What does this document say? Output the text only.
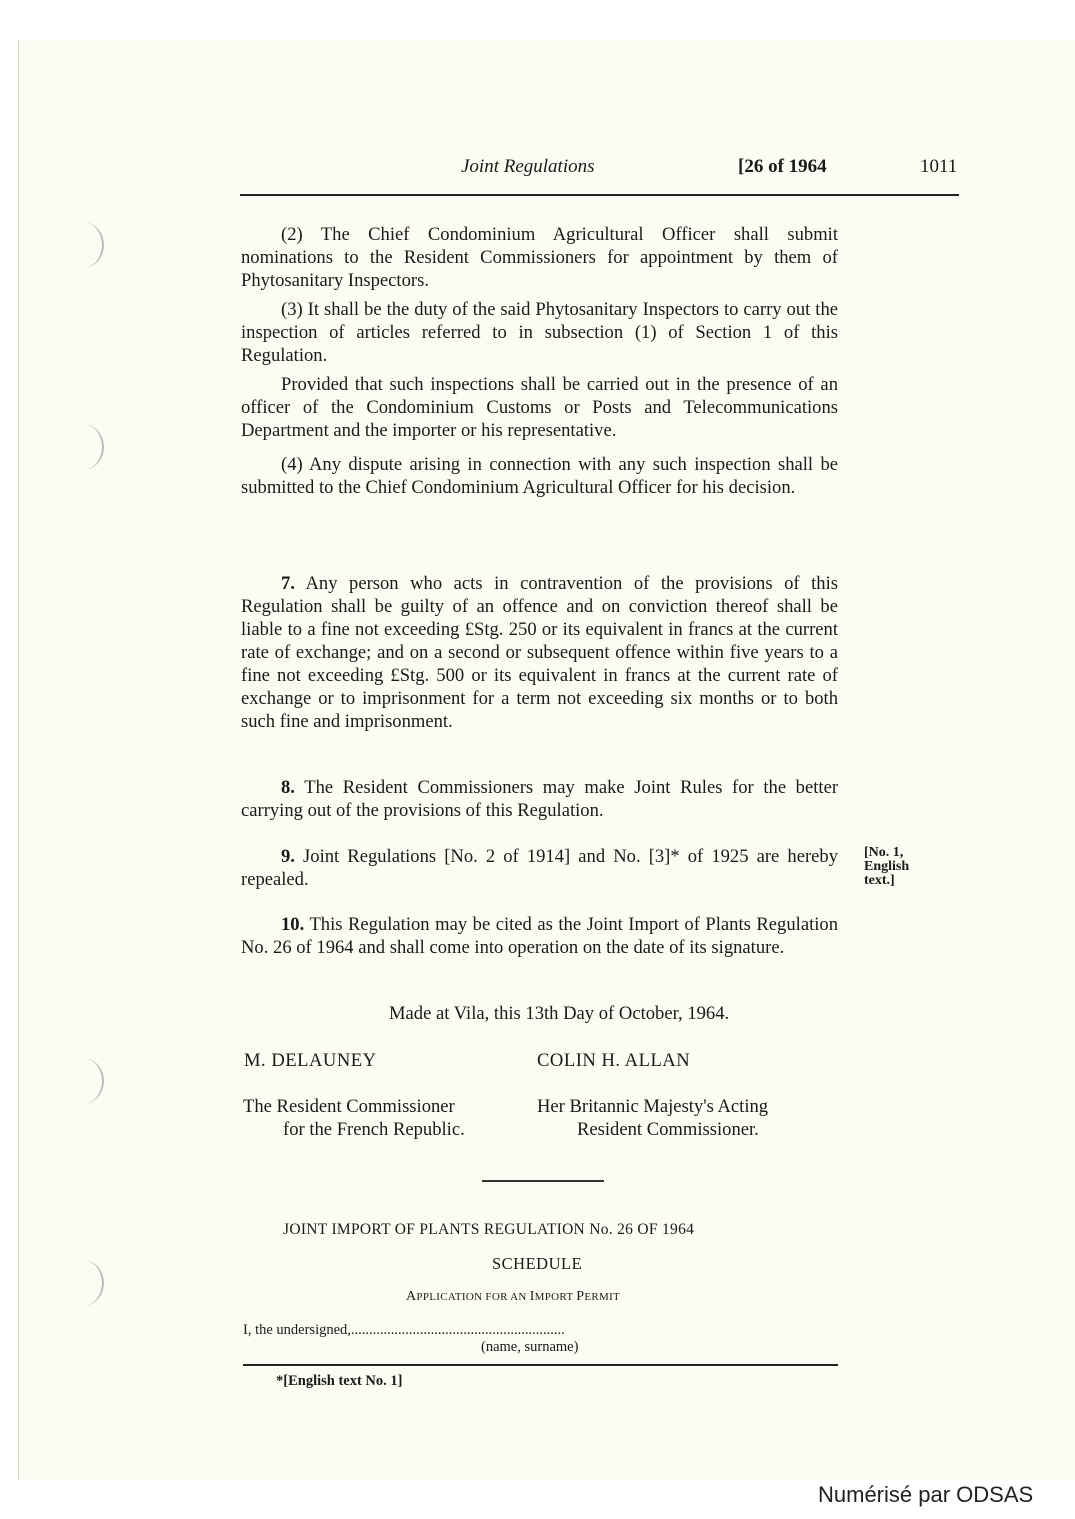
Joint Regulations	[26 of 1964	1011

(2) The Chief Condominium Agricultural Officer shall submit nominations to the Resident Commissioners for appointment by them of Phytosanitary Inspectors.

(3) It shall be the duty of the said Phytosanitary Inspectors to carry out the inspection of articles referred to in subsection (1) of Section 1 of this Regulation.

Provided that such inspections shall be carried out in the presence of an officer of the Condominium Customs or Posts and Telecommunications Department and the importer or his representative.

(4) Any dispute arising in connection with any such inspection shall be submitted to the Chief Condominium Agricultural Officer for his decision.

7. Any person who acts in contravention of the provisions of this Regulation shall be guilty of an offence and on conviction thereof shall be liable to a fine not exceeding £Stg. 250 or its equivalent in francs at the current rate of exchange; and on a second or subsequent offence within five years to a fine not exceeding £Stg. 500 or its equivalent in francs at the current rate of exchange or to imprisonment for a term not exceeding six months or to both such fine and imprisonment.

8. The Resident Commissioners may make Joint Rules for the better carrying out of the provisions of this Regulation.

9. Joint Regulations [No. 2 of 1914] and No. [3]* of 1925 are hereby repealed.

[No. 1,
English
text.]

10. This Regulation may be cited as the Joint Import of Plants Regulation No. 26 of 1964 and shall come into operation on the date of its signature.

Made at Vila, this 13th Day of October, 1964.
M. DELAUNEY	COLIN H. ALLAN
The Resident Commissioner
for the French Republic.
Her Britannic Majesty's Acting
Resident Commissioner.
JOINT IMPORT OF PLANTS REGULATION No. 26 OF 1964
SCHEDULE
APPLICATION FOR AN IMPORT PERMIT
I, the undersigned,...........................................................
(name, surname)
*[English text No. 1]
Numérisé par ODSAS
